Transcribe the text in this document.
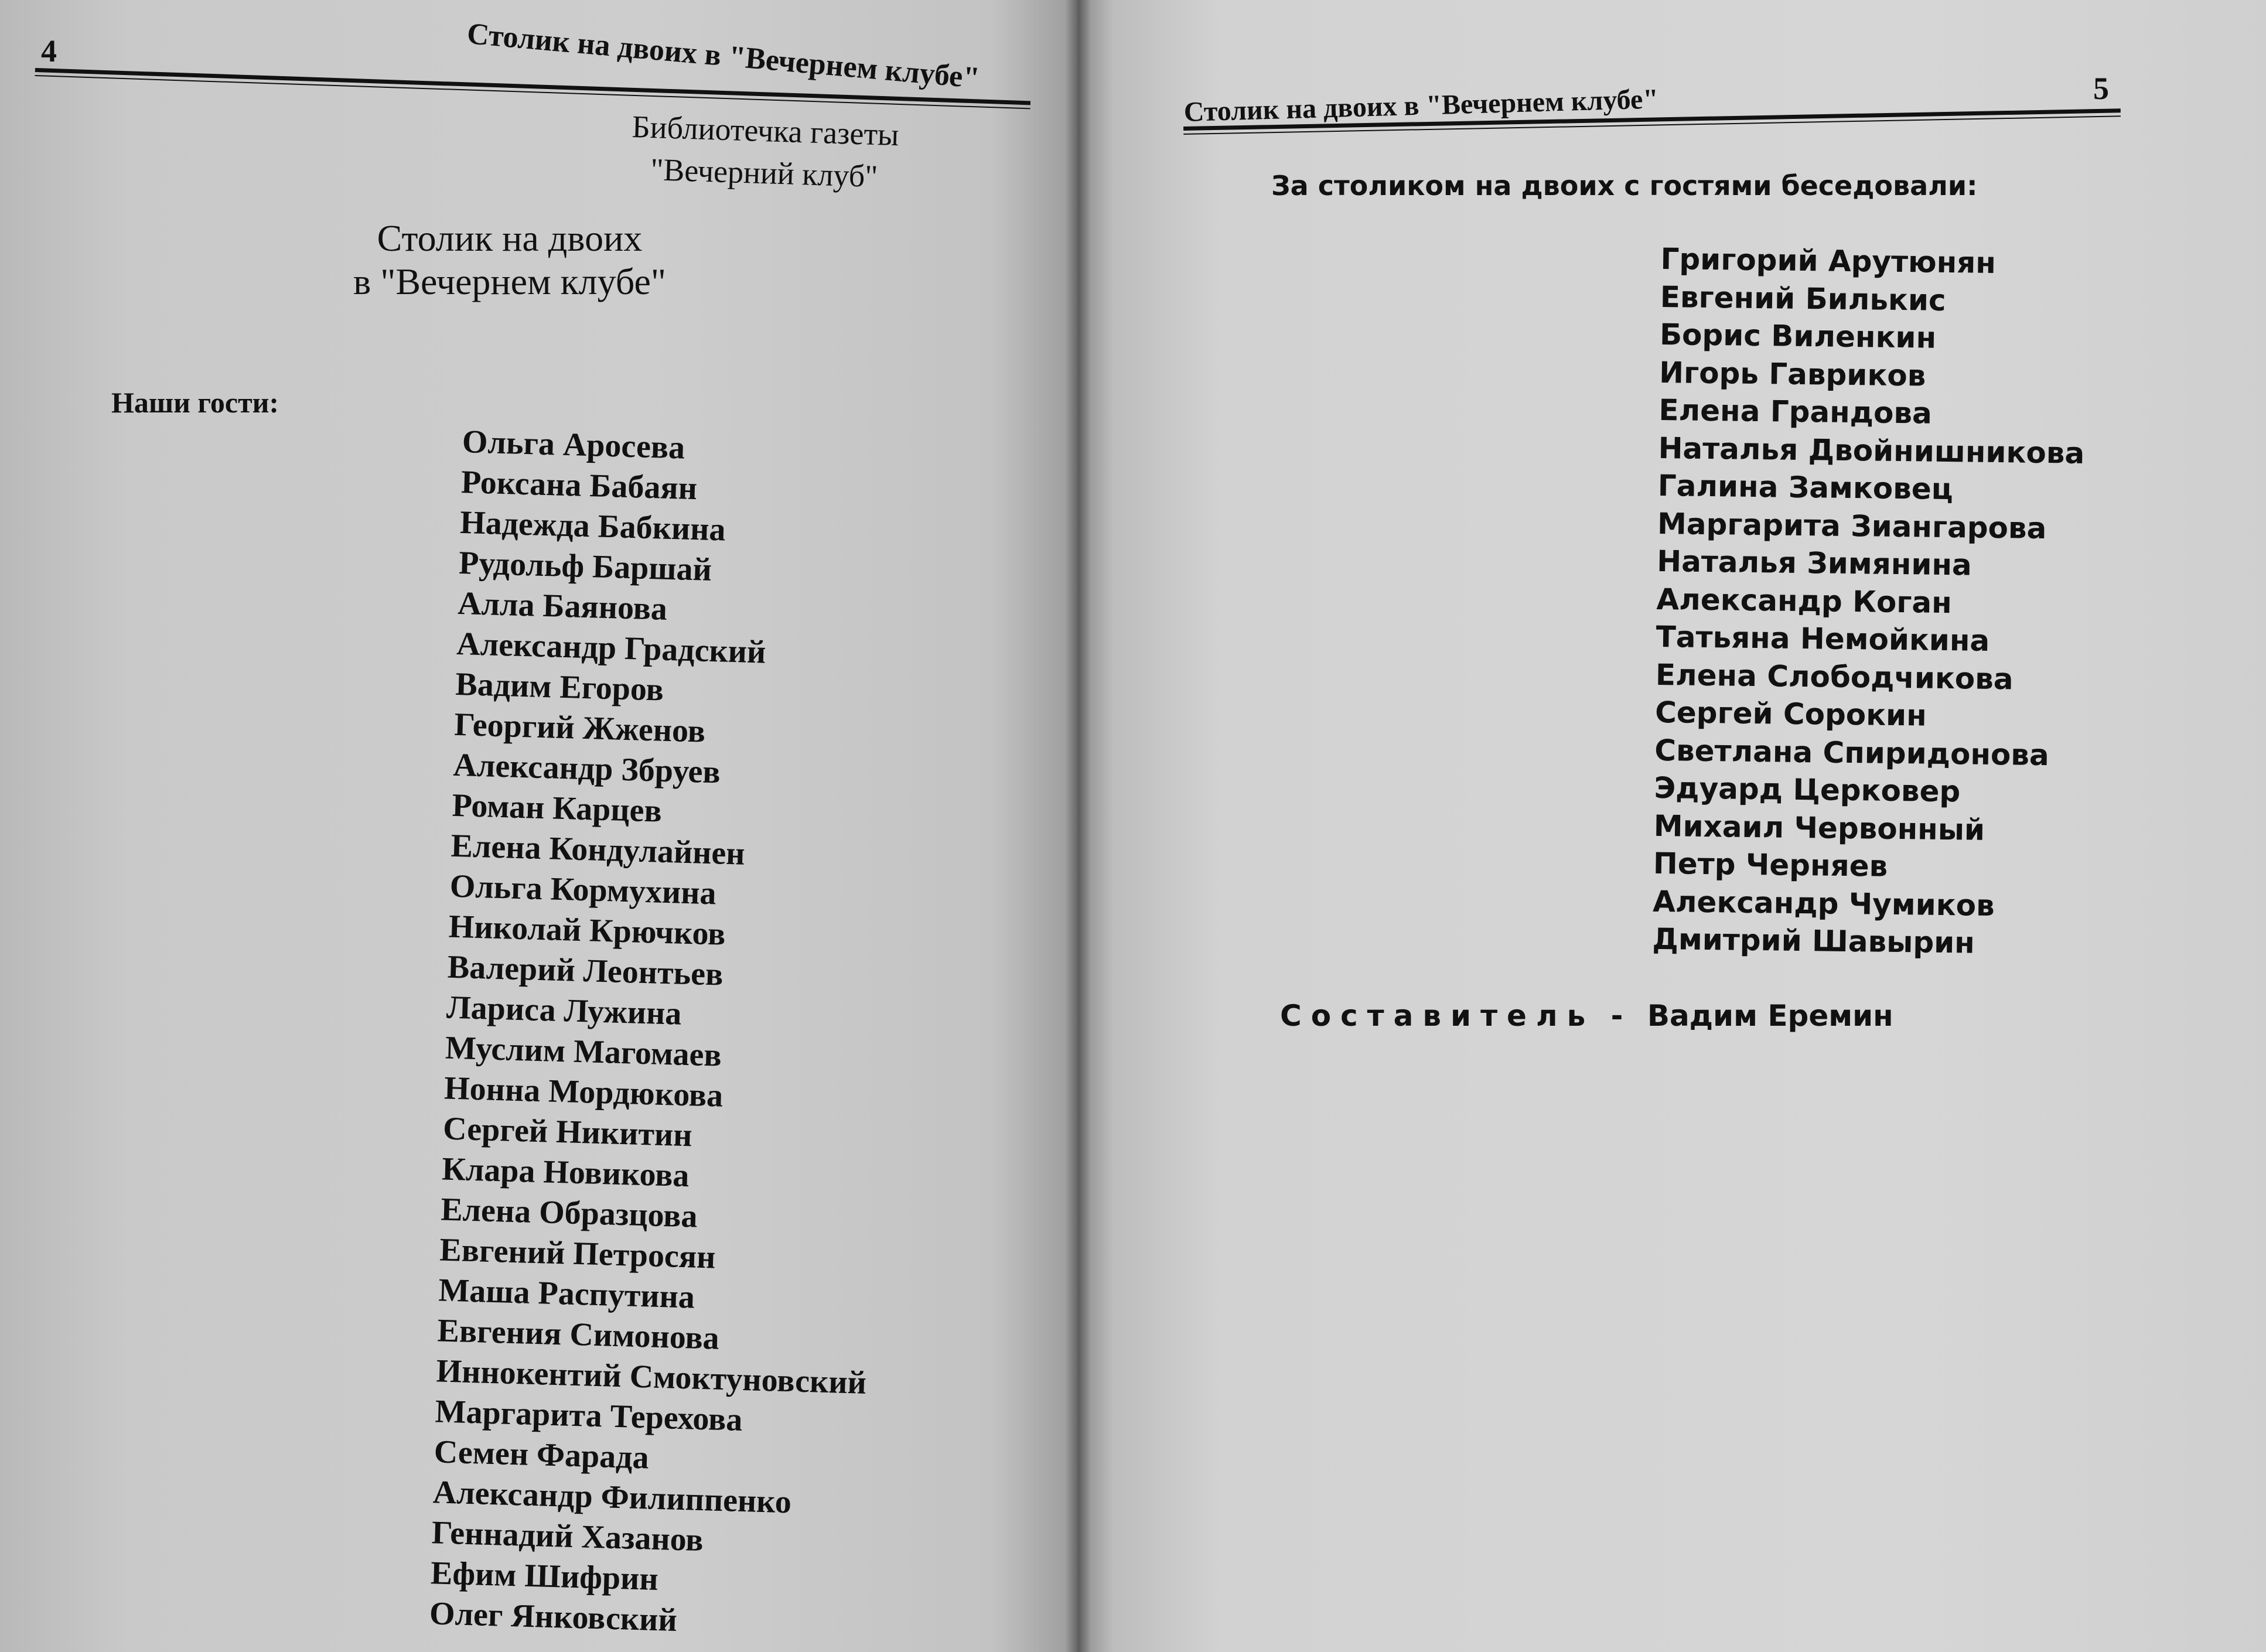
4	Столик на двоих в "Вечернем клубе"
Библиотечка газеты
"Вечерний клуб"
Столик на двоих
в "Вечернем клубе"
Наши гости:
Ольга Аросева
Роксана Бабаян
Надежда Бабкина
Рудольф Баршай
Алла Баянова
Александр Градский
Вадим Егоров
Георгий Жженов
Александр Збруев
Роман Карцев
Елена Кондулайнен
Ольга Кормухина
Николай Крючков
Валерий Леонтьев
Лариса Лужина
Муслим Магомаев
Нонна Мордюкова
Сергей Никитин
Клара Новикова
Елена Образцова
Евгений Петросян
Маша Распутина
Евгения Симонова
Иннокентий Смоктуновский
Маргарита Терехова
Семен Фарада
Александр Филиппенко
Геннадий Хазанов
Ефим Шифрин
Олег Янковский
Столик на двоих в "Вечернем клубе"	5
За столиком на двоих с гостями беседовали:
Григорий Арутюнян
Евгений Билькис
Борис Виленкин
Игорь Гавриков
Елена Грандова
Наталья Двойнишникова
Галина Замковец
Маргарита Зиангарова
Наталья Зимянина
Александр Коган
Татьяна Немойкина
Елена Слободчикова
Сергей Сорокин
Светлана Спиридонова
Эдуард Церковер
Михаил Червонный
Петр Черняев
Александр Чумиков
Дмитрий Шавырин
Составитель - Вадим Еремин
